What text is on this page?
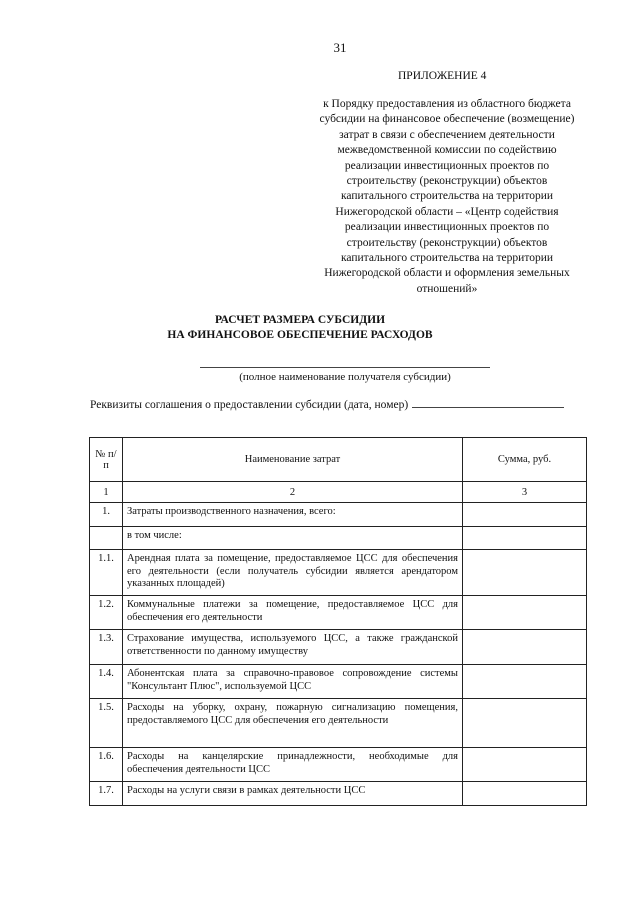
31
ПРИЛОЖЕНИЕ 4
к Порядку предоставления из областного бюджета
субсидии на финансовое обеспечение (возмещение)
затрат в связи с обеспечением деятельности
межведомственной комиссии по содействию
реализации инвестиционных проектов по
строительству (реконструкции) объектов
капитального строительства на территории
Нижегородской области – «Центр содействия
реализации инвестиционных проектов по
строительству (реконструкции) объектов
капитального строительства на территории
Нижегородской области и оформления земельных
отношений»
РАСЧЕТ РАЗМЕРА СУБСИДИИ
НА ФИНАНСОВОЕ ОБЕСПЕЧЕНИЕ РАСХОДОВ
(полное наименование получателя субсидии)
Реквизиты соглашения о предоставлении субсидии (дата, номер)
№ п/п	Наименование затрат	Сумма, руб.
1	2	3
1.	Затраты производственного назначения, всего:	
	в том числе:	
1.1.	Арендная плата за помещение, предоставляемое ЦСС для обеспечения его деятельности (если получатель субсидии является арендатором указанных площадей)	
1.2.	Коммунальные платежи за помещение, предоставляемое ЦСС для обеспечения его деятельности	
1.3.	Страхование имущества, используемого ЦСС, а также гражданской ответственности по данному имуществу	
1.4.	Абонентская плата за справочно-правовое сопровождение системы "Консультант Плюс", используемой ЦСС	
1.5.	Расходы на уборку, охрану, пожарную сигнализацию помещения, предоставляемого ЦСС для обеспечения его деятельности	
1.6.	Расходы на канцелярские принадлежности, необходимые для обеспечения деятельности ЦСС	
1.7.	Расходы на услуги связи в рамках деятельности ЦСС	
